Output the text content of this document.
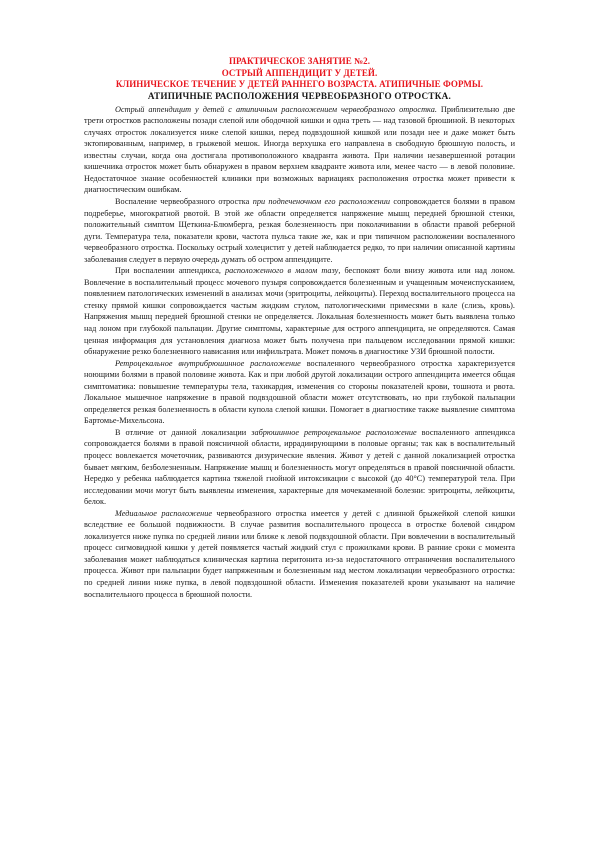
ПРАКТИЧЕСКОЕ ЗАНЯТИЕ №2.
ОСТРЫЙ АППЕНДИЦИТ У ДЕТЕЙ.
КЛИНИЧЕСКОЕ ТЕЧЕНИЕ У ДЕТЕЙ РАННЕГО ВОЗРАСТА. АТИПИЧНЫЕ ФОРМЫ.
АТИПИЧНЫЕ РАСПОЛОЖЕНИЯ ЧЕРВЕОБРАЗНОГО ОТРОСТКА.

Острый аппендицит у детей с атипичным расположением червеобразного отростка. Приблизительно две трети отростков расположены позади слепой или ободочной кишки и одна треть — над тазовой брюшиной. В некоторых случаях отросток локализуется ниже слепой кишки, перед подвздошной кишкой или позади нее и даже может быть эктопированным, например, в грыжевой мешок. Иногда верхушка его направлена в свободную брюшную полость, и известны случаи, когда она достигала противоположного квадранта живота. При наличии незавершенной ротации кишечника отросток может быть обнаружен в правом верхнем квадранте живота или, менее часто — в левой половине. Недостаточное знание особенностей клиники при возможных вариациях расположения отростка может привести к диагностическим ошибкам.

Воспаление червеобразного отростка при подпеченочном его расположении сопровождается болями в правом подреберье, многократной рвотой. В этой же области определяется напряжение мышц передней брюшной стенки, положительный симптом Щеткина-Блюмберга, резкая болезненность при поколачивании в области правой реберной дуги. Температура тела, показатели крови, частота пульса такие же, как и при типичном расположении воспаленного червеобразного отростка. Поскольку острый холецистит у детей наблюдается редко, то при наличии описанной картины заболевания следует в первую очередь думать об остром аппендиците.

При воспалении аппендикса, расположенного в малом тазу, беспокоят боли внизу живота или над лоном. Вовлечение в воспалительный процесс мочевого пузыря сопровождается болезненным и учащенным мочеиспусканием, появлением патологических изменений в анализах мочи (эритроциты, лейкоциты). Переход воспалительного процесса на стенку прямой кишки сопровождается частым жидким стулом, патологическими примесями в кале (слизь, кровь). Напряжения мышц передней брюшной стенки не определяется. Локальная болезненность может быть выявлена только над лоном при глубокой пальпации. Другие симптомы, характерные для острого аппендицита, не определяются. Самая ценная информация для установления диагноза может быть получена при пальцевом исследовании прямой кишки: обнаружение резко болезненного нависания или инфильтрата. Может помочь в диагностике УЗИ брюшной полости.

Ретроцекальное внутрибрюшинное расположение воспаленного червеобразного отростка характеризуется ноющими болями в правой половине живота. Как и при любой другой локализации острого аппендицита имеется общая симптоматика: повышение температуры тела, тахикардия, изменения со стороны показателей крови, тошнота и рвота. Локальное мышечное напряжение в правой подвздошной области может отсутствовать, но при глубокой пальпации определяется резкая болезненность в области купола слепой кишки. Помогает в диагностике также выявление симптома Бартомье-Михельсона.

В отличие от данной локализации забрюшинное ретроцекальное расположение воспаленного аппендикса сопровождается болями в правой поясничной области, иррадиирующими в половые органы; так как в воспалительный процесс вовлекается мочеточник, развиваются дизурические явления. Живот у детей с данной локализацией отростка бывает мягким, безболезненным. Напряжение мышц и болезненность могут определяться в правой поясничной области. Нередко у ребенка наблюдается картина тяжелой гнойной интоксикации с высокой (до 40°С) температурой тела. При исследовании мочи могут быть выявлены изменения, характерные для мочекаменной болезни: эритроциты, лейкоциты, белок.

Медиальное расположение червеобразного отростка имеется у детей с длинной брыжейкой слепой кишки вследствие ее большой подвижности. В случае развития воспалительного процесса в отростке болевой синдром локализуется ниже пупка по средней линии или ближе к левой подвздошной области. При вовлечении в воспалительный процесс сигмовидной кишки у детей появляется частый жидкий стул с прожилками крови. В ранние сроки с момента заболевания может наблюдаться клиническая картина перитонита из-за недостаточного отграничения воспалительного процесса. Живот при пальпации будет напряженным и болезненным над местом локализации червеобразного отростка: по средней линии ниже пупка, в левой подвздошной области. Изменения показателей крови указывают на наличие воспалительного процесса в брюшной полости.
